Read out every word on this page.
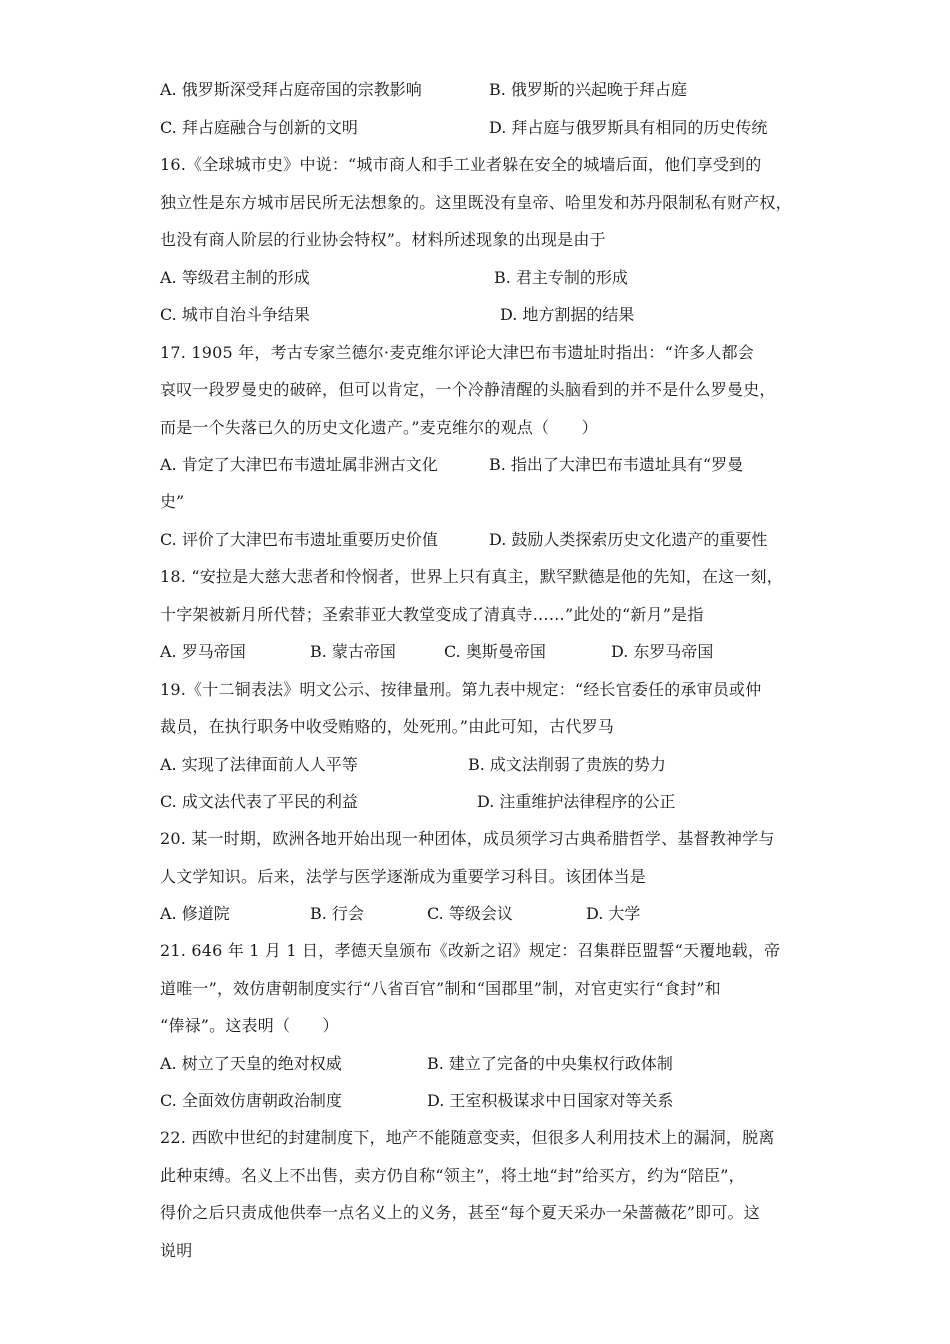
A. 俄罗斯深受拜占庭帝国的宗教影响	B. 俄罗斯的兴起晚于拜占庭
C. 拜占庭融合与创新的文明	D. 拜占庭与俄罗斯具有相同的历史传统
16.《全球城市史》中说：“城市商人和手工业者躲在安全的城墙后面，他们享受到的
独立性是东方城市居民所无法想象的。这里既没有皇帝、哈里发和苏丹限制私有财产权，
也没有商人阶层的行业协会特权”。材料所述现象的出现是由于
A. 等级君主制的形成	B. 君主专制的形成
C. 城市自治斗争结果	D. 地方割据的结果
17. 1905 年，考古专家兰德尔·麦克维尔评论大津巴布韦遗址时指出：“许多人都会
哀叹一段罗曼史的破碎，但可以肯定，一个冷静清醒的头脑看到的并不是什么罗曼史，
而是一个失落已久的历史文化遗产。”麦克维尔的观点（　　）
A. 肯定了大津巴布韦遗址属非洲古文化	B. 指出了大津巴布韦遗址具有“罗曼
史”
C. 评价了大津巴布韦遗址重要历史价值	D. 鼓励人类探索历史文化遗产的重要性
18. “安拉是大慈大悲者和怜悯者，世界上只有真主，默罕默德是他的先知，在这一刻，
十字架被新月所代替；圣索菲亚大教堂变成了清真寺……”此处的“新月”是指
A. 罗马帝国	B. 蒙古帝国	C. 奥斯曼帝国	D. 东罗马帝国
19.《十二铜表法》明文公示、按律量刑。第九表中规定：“经长官委任的承审员或仲
裁员，在执行职务中收受贿赂的，处死刑。”由此可知，古代罗马
A. 实现了法律面前人人平等	B. 成文法削弱了贵族的势力
C. 成文法代表了平民的利益	D. 注重维护法律程序的公正
20. 某一时期，欧洲各地开始出现一种团体，成员须学习古典希腊哲学、基督教神学与
人文学知识。后来，法学与医学逐渐成为重要学习科目。该团体当是
A. 修道院	B. 行会	C. 等级会议	D. 大学
21. 646 年 1 月 1 日，孝德天皇颁布《改新之诏》规定：召集群臣盟誓“天覆地载，帝
道唯一”，效仿唐朝制度实行“八省百官”制和“国郡里”制，对官吏实行“食封”和
“俸禄”。这表明（　　）
A. 树立了天皇的绝对权威	B. 建立了完备的中央集权行政体制
C. 全面效仿唐朝政治制度	D. 王室积极谋求中日国家对等关系
22. 西欧中世纪的封建制度下，地产不能随意变卖，但很多人利用技术上的漏洞，脱离
此种束缚。名义上不出售，卖方仍自称“领主”，将土地“封”给买方，约为“陪臣”，
得价之后只责成他供奉一点名义上的义务，甚至“每个夏天采办一朵蔷薇花”即可。这
说明
